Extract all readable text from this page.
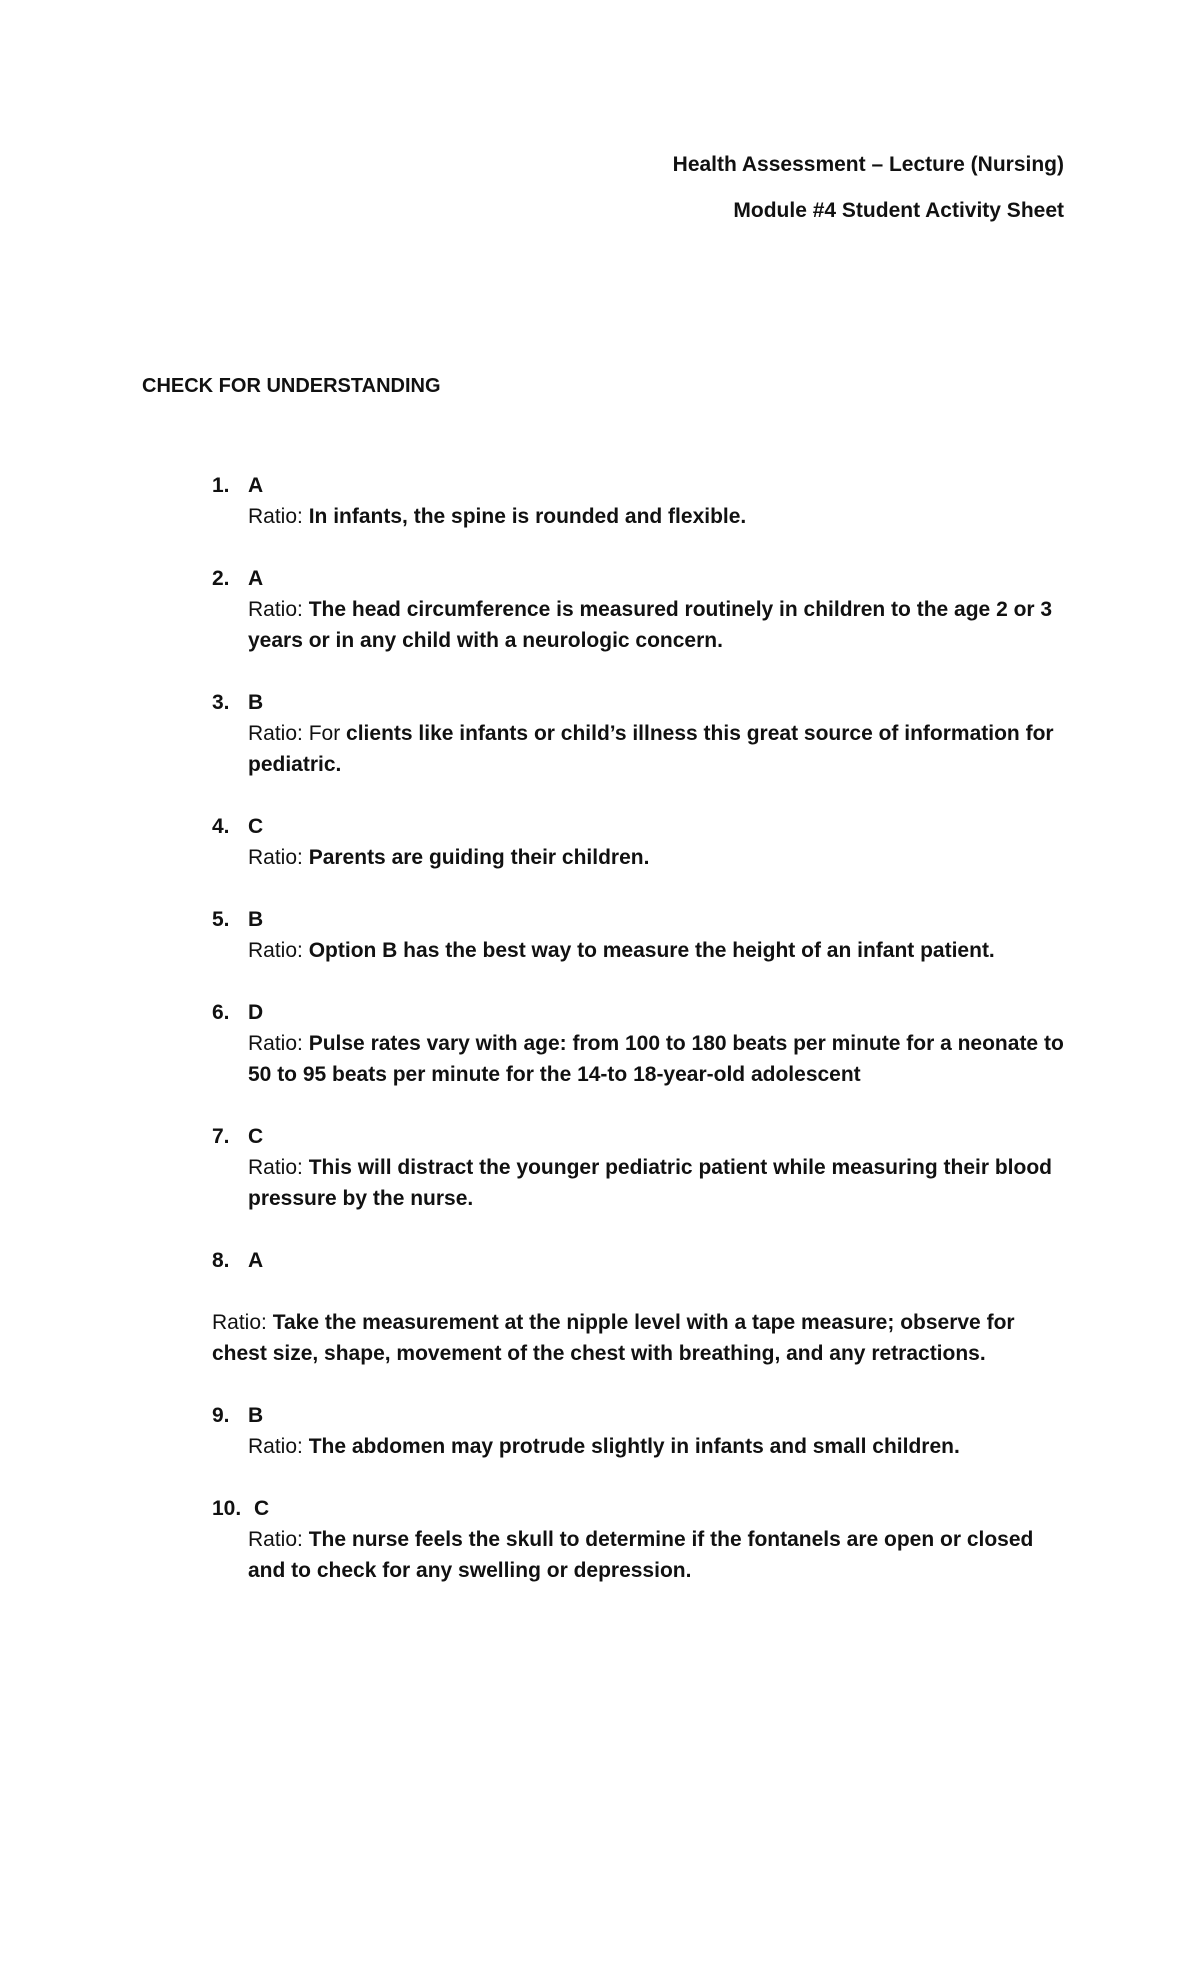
Health Assessment – Lecture (Nursing)
Module #4 Student Activity Sheet
CHECK FOR UNDERSTANDING
1. A
Ratio: In infants, the spine is rounded and flexible.
2. A
Ratio: The head circumference is measured routinely in children to the age 2 or 3 years or in any child with a neurologic concern.
3. B
Ratio: For clients like infants or child’s illness this great source of information for pediatric.
4. C
Ratio: Parents are guiding their children.
5. B
Ratio: Option B has the best way to measure the height of an infant patient.
6. D
Ratio: Pulse rates vary with age: from 100 to 180 beats per minute for a neonate to 50 to 95 beats per minute for the 14-to 18-year-old adolescent
7. C
Ratio: This will distract the younger pediatric patient while measuring their blood pressure by the nurse.
8. A
Ratio: Take the measurement at the nipple level with a tape measure; observe for chest size, shape, movement of the chest with breathing, and any retractions.
9. B
Ratio: The abdomen may protrude slightly in infants and small children.
10. C
Ratio: The nurse feels the skull to determine if the fontanels are open or closed and to check for any swelling or depression.
